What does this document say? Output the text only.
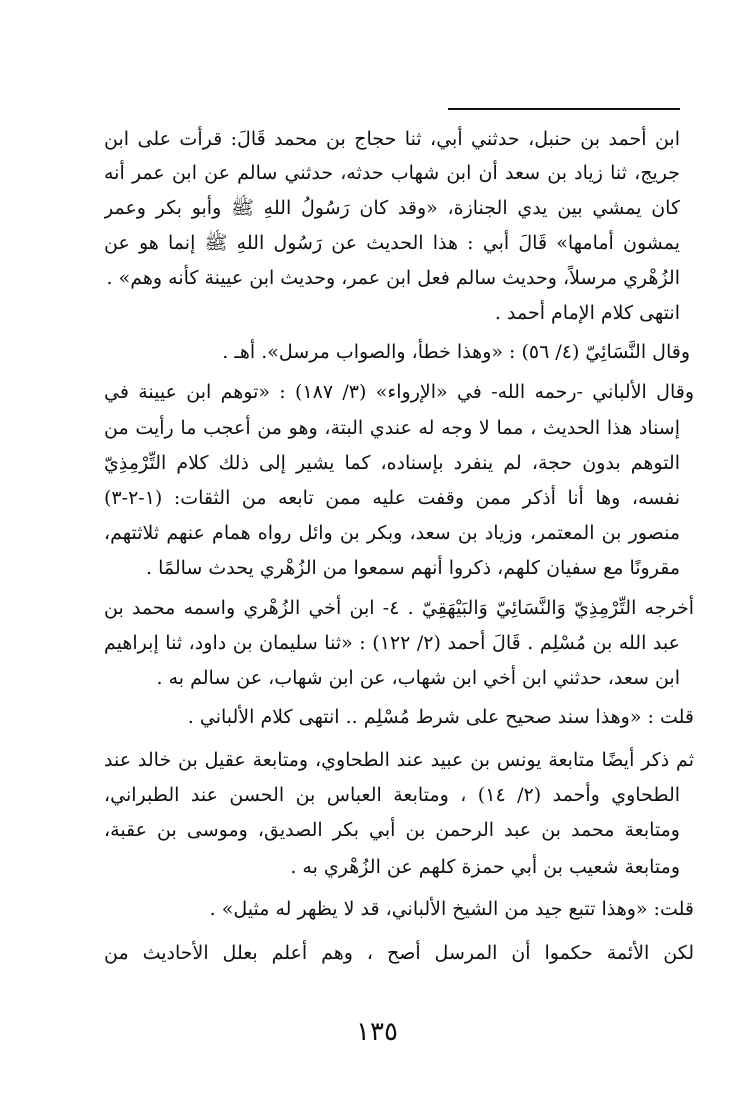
ابن أحمد بن حنبل، حدثني أبي، ثنا حجاج بن محمد قَالَ: قرأت على ابن
جريج، ثنا زياد بن سعد أن ابن شهاب حدثه، حدثني سالم عن ابن عمر أنه
كان يمشي بين يدي الجنازة، «وقد كان رَسُولُ اللهِ ﷺ وأبو بكر وعمر
يمشون أمامها» قَالَ أبي : هذا الحديث عن رَسُول اللهِ ﷺ إنما هو عن
الزُهْري مرسلاً، وحديث سالم فعل ابن عمر، وحديث ابن عيينة كأنه وهم» .
انتهى كلام الإمام أحمد .
وقال النَّسَائِيّ (٤/ ٥٦) : «وهذا خطأ، والصواب مرسل». أهـ .
وقال الألباني -رحمه الله- في «الإرواء» (٣/ ١٨٧) : «توهم ابن عيينة في
إسناد هذا الحديث ، مما لا وجه له عندي البتة، وهو من أعجب ما رأيت من
التوهم بدون حجة، لم ينفرد بإسناده، كما يشير إلى ذلك كلام التِّرْمِذِيّ
نفسه، وها أنا أذكر ممن وقفت عليه ممن تابعه من الثقات: (١-٢-٣)
منصور بن المعتمر، وزياد بن سعد، وبكر بن وائل رواه همام عنهم ثلاثتهم،
مقرونًا مع سفيان كلهم، ذكروا أنهم سمعوا من الزُهْري يحدث سالمًا .
أخرجه التِّرْمِذِيّ وَالنَّسَائِيّ وَالبَيْهَقِيّ . ٤- ابن أخي الزُهْري واسمه محمد بن
عبد الله بن مُسْلِم . قَالَ أحمد (٢/ ١٢٢) : «ثنا سليمان بن داود، ثنا إبراهيم
ابن سعد، حدثني ابن أخي ابن شهاب، عن ابن شهاب، عن سالم به .
قلت : «وهذا سند صحيح على شرط مُسْلِم .. انتهى كلام الألباني .
ثم ذكر أيضًا متابعة يونس بن عبيد عند الطحاوي، ومتابعة عقيل بن خالد عند
الطحاوي وأحمد (٢/ ١٤) ، ومتابعة العباس بن الحسن عند الطبراني،
ومتابعة محمد بن عبد الرحمن بن أبي بكر الصديق، وموسى بن عقبة،
ومتابعة شعيب بن أبي حمزة كلهم عن الزُهْري به .
قلت: «وهذا تتبع جيد من الشيخ الألباني، قد لا يظهر له مثيل» .
لكن الأئمة حكموا أن المرسل أصح ، وهم أعلم بعلل الأحاديث من
١٣٥
